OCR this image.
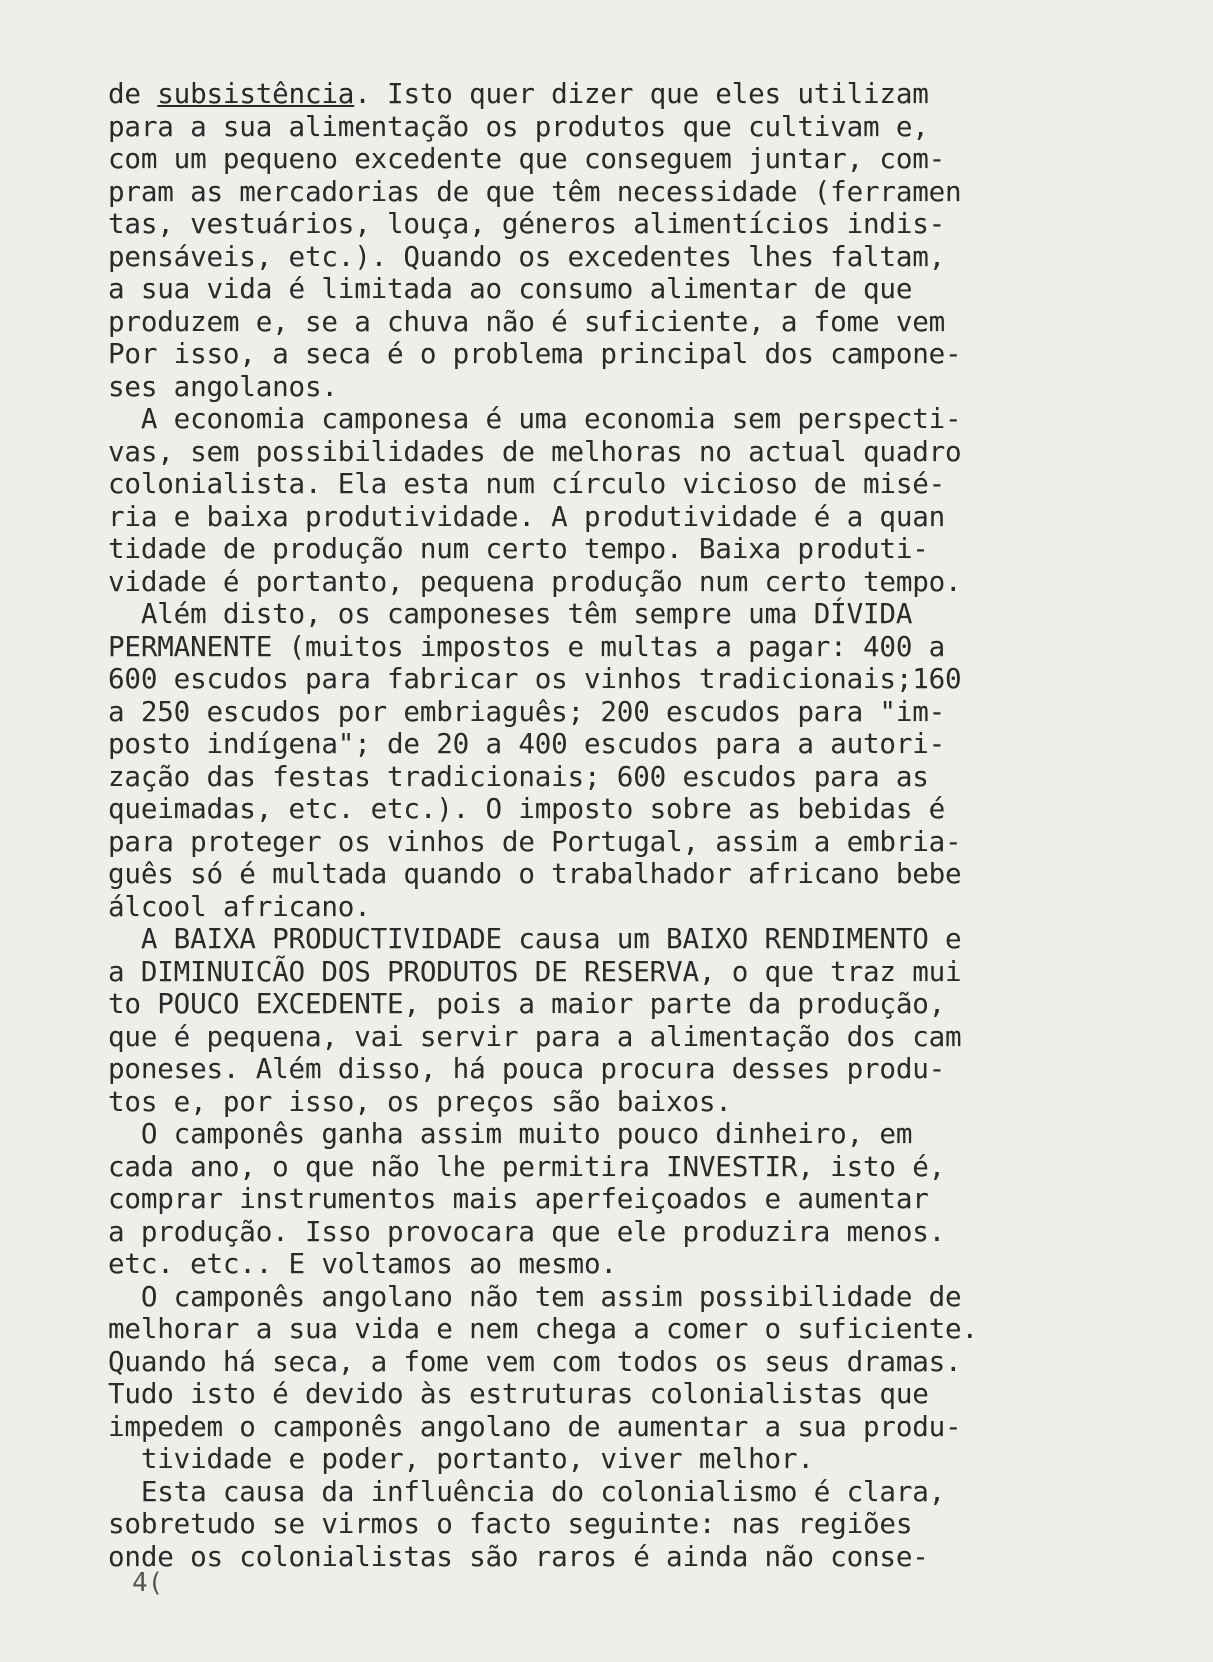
de subsistência. Isto quer dizer que eles utilizam
para a sua alimentação os produtos que cultivam e,
com um pequeno excedente que conseguem juntar, com-
pram as mercadorias de que têm necessidade (ferramen
tas, vestuários, louça, géneros alimentícios indis-
pensáveis, etc.). Quando os excedentes lhes faltam,
a sua vida é limitada ao consumo alimentar de que
produzem e, se a chuva não é suficiente, a fome vem
Por isso, a seca é o problema principal dos campone-
ses angolanos.
A economia camponesa é uma economia sem perspecti-
vas, sem possibilidades de melhoras no actual quadro
colonialista. Ela esta num círculo vicioso de misé-
ria e baixa produtividade. A produtividade é a quan
tidade de produção num certo tempo. Baixa produti-
vidade é portanto, pequena produção num certo tempo.
Além disto, os camponeses têm sempre uma DÍVIDA
PERMANENTE (muitos impostos e multas a pagar: 400 a
600 escudos para fabricar os vinhos tradicionais;160
a 250 escudos por embriaguês; 200 escudos para "im-
posto indígena"; de 20 a 400 escudos para a autori-
zação das festas tradicionais; 600 escudos para as
queimadas, etc. etc.). O imposto sobre as bebidas é
para proteger os vinhos de Portugal, assim a embria-
guês só é multada quando o trabalhador africano bebe
álcool africano.
A BAIXA PRODUCTIVIDADE causa um BAIXO RENDIMENTO e
a DIMINUICÃO DOS PRODUTOS DE RESERVA, o que traz mui
to POUCO EXCEDENTE, pois a maior parte da produção,
que é pequena, vai servir para a alimentação dos cam
poneses. Além disso, há pouca procura desses produ-
tos e, por isso, os preços são baixos.
O camponês ganha assim muito pouco dinheiro, em
cada ano, o que não lhe permitira INVESTIR, isto é,
comprar instrumentos mais aperfeiçoados e aumentar
a produção. Isso provocara que ele produzira menos.
etc. etc.. E voltamos ao mesmo.
O camponês angolano não tem assim possibilidade de
melhorar a sua vida e nem chega a comer o suficiente.
Quando há seca, a fome vem com todos os seus dramas.
Tudo isto é devido às estruturas colonialistas que
impedem o camponês angolano de aumentar a sua produ-
tividade e poder, portanto, viver melhor.
Esta causa da influência do colonialismo é clara,
sobretudo se virmos o facto seguinte: nas regiões
onde os colonialistas são raros é ainda não conse-
4(
